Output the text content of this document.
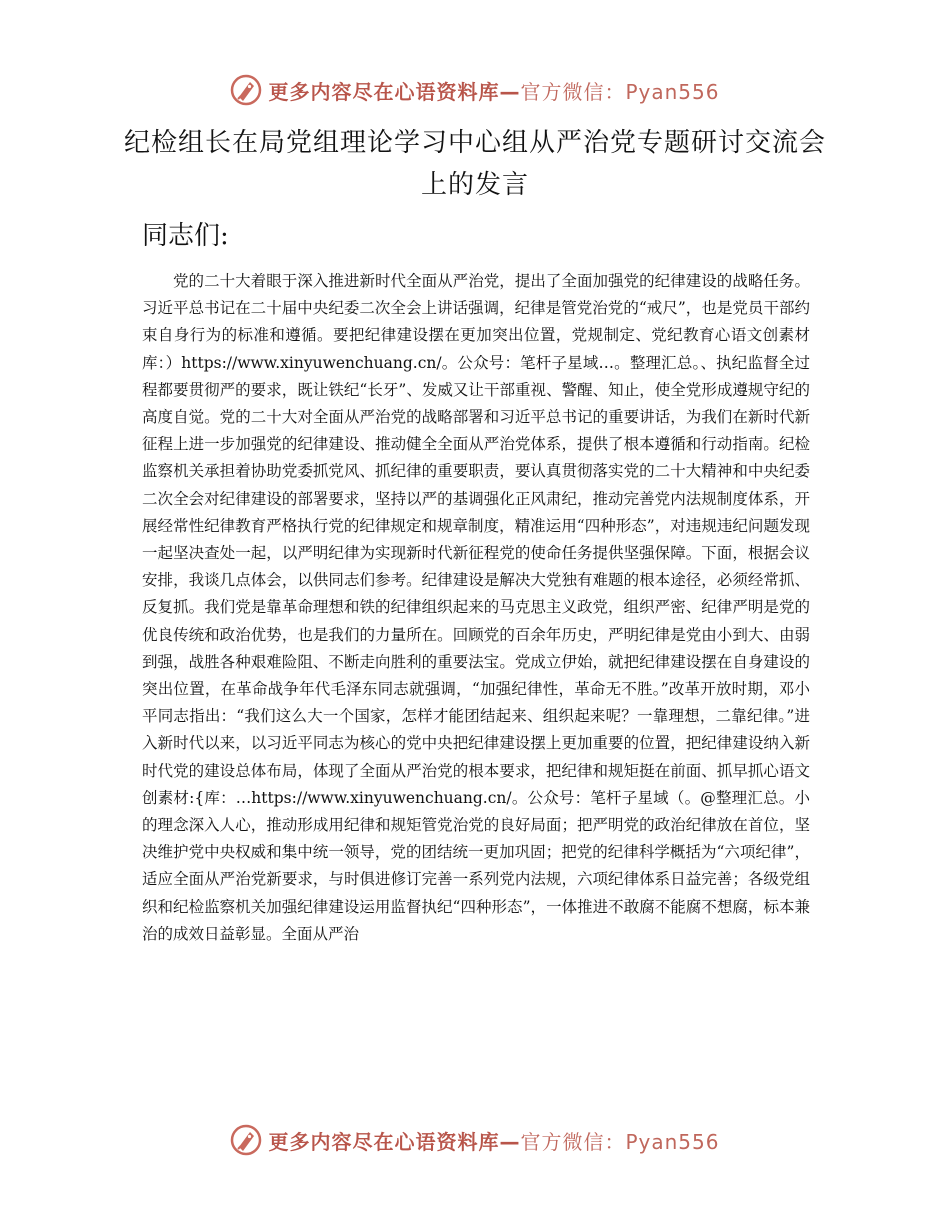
更多内容尽在心语资料库—官方微信：Pyan556
纪检组长在局党组理论学习中心组从严治党专题研讨交流会上的发言
同志们:

党的二十大着眼于深入推进新时代全面从严治党，提出了全面加强党的纪律建设的战略任务。习近平总书记在二十届中央纪委二次全会上讲话强调，纪律是管党治党的“戒尺”，也是党员干部约束自身行为的标准和遵循。要把纪律建设摆在更加突出位置，党规制定、党纪教育心语文创素材库：）https://www.xinyuwenchuang.cn/。公众号：笔杆子星域…。整理汇总。、执纪监督全过程都要贯彻严的要求，既让铁纪“长牙”、发威又让干部重视、警醒、知止，使全党形成遵规守纪的高度自觉。党的二十大对全面从严治党的战略部署和习近平总书记的重要讲话，为我们在新时代新征程上进一步加强党的纪律建设、推动健全全面从严治党体系，提供了根本遵循和行动指南。纪检监察机关承担着协助党委抓党风、抓纪律的重要职责，要认真贯彻落实党的二十大精神和中央纪委二次全会对纪律建设的部署要求，坚持以严的基调强化正风肃纪，推动完善党内法规制度体系，开展经常性纪律教育严格执行党的纪律规定和规章制度，精准运用“四种形态”，对违规违纪问题发现一起坚决查处一起，以严明纪律为实现新时代新征程党的使命任务提供坚强保障。下面，根据会议安排，我谈几点体会，以供同志们参考。纪律建设是解决大党独有难题的根本途径，必须经常抓、反复抓。我们党是靠革命理想和铁的纪律组织起来的马克思主义政党，组织严密、纪律严明是党的优良传统和政治优势，也是我们的力量所在。回顾党的百余年历史，严明纪律是党由小到大、由弱到强，战胜各种艰难险阻、不断走向胜利的重要法宝。党成立伊始，就把纪律建设摆在自身建设的突出位置，在革命战争年代毛泽东同志就强调，“加强纪律性，革命无不胜。”改革开放时期，邓小平同志指出：“我们这么大一个国家，怎样才能团结起来、组织起来呢？一靠理想，二靠纪律。”进入新时代以来，以习近平同志为核心的党中央把纪律建设摆上更加重要的位置，把纪律建设纳入新时代党的建设总体布局，体现了全面从严治党的根本要求，把纪律和规矩挺在前面、抓早抓心语文创素材:{库：…https://www.xinyuwenchuang.cn/。公众号：笔杆子星域（。@整理汇总。小的理念深入人心，推动形成用纪律和规矩管党治党的良好局面；把严明党的政治纪律放在首位，坚决维护党中央权威和集中统一领导，党的团结统一更加巩固；把党的纪律科学概括为“六项纪律”，适应全面从严治党新要求，与时俱进修订完善一系列党内法规，六项纪律体系日益完善；各级党组织和纪检监察机关加强纪律建设运用监督执纪“四种形态”，一体推进不敢腐不能腐不想腐，标本兼治的成效日益彰显。全面从严治

更多内容尽在心语资料库—官方微信：Pyan556
